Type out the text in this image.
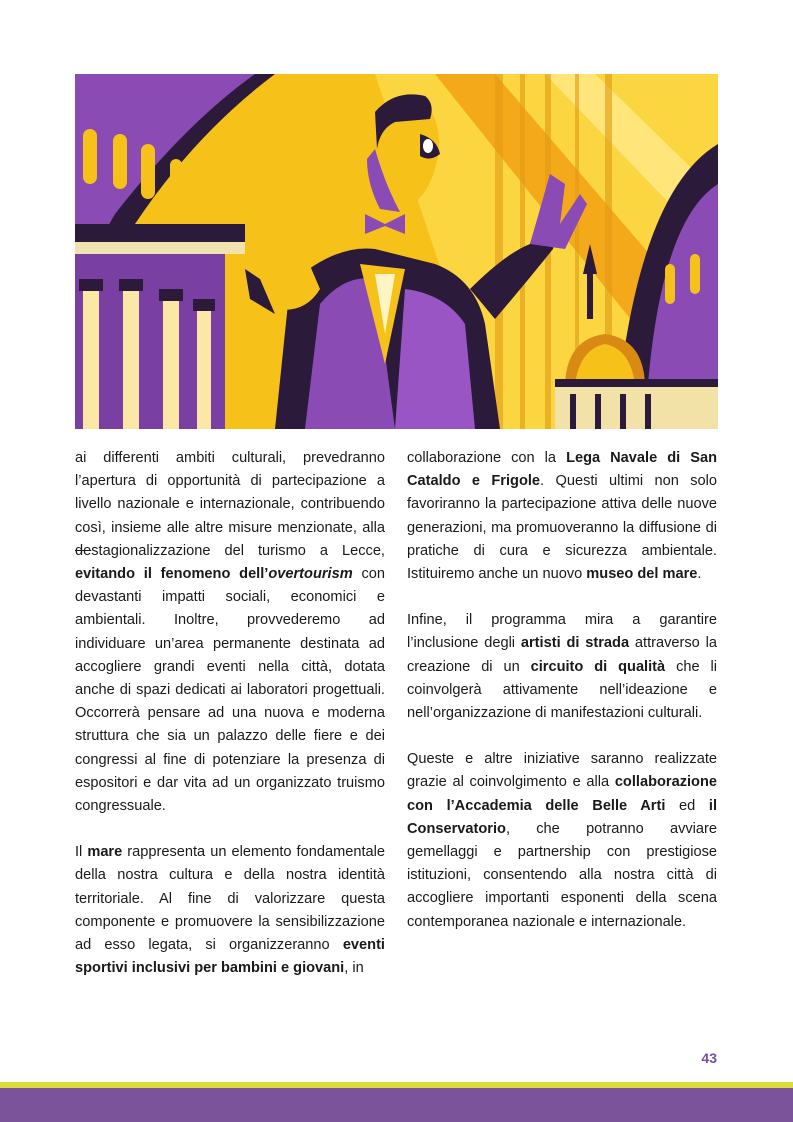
ai differenti ambiti culturali, prevedranno l’apertura di opportunità di partecipazione a livello nazionale e internazionale, contribuendo così, insieme alle altre misure menzionate, alla destagionalizzazione del turismo a Lecce, evitando il fenomeno dell’overtourism con devastanti impatti sociali, economici e ambientali. Inoltre, provvederemo ad individuare un’area permanente destinata ad accogliere grandi eventi nella città, dotata anche di spazi dedicati ai laboratori progettuali. Occorrerà pensare ad una nuova e moderna struttura che sia un palazzo delle fiere e dei congressi al fine di potenziare la presenza di espositori e dar vita ad un organizzato truismo congressuale.

Il mare rappresenta un elemento fondamentale della nostra cultura e della nostra identità territoriale. Al fine di valorizzare questa componente e promuovere la sensibilizzazione ad esso legata, si organizzeranno eventi sportivi inclusivi per bambini e giovani, in

collaborazione con la Lega Navale di San Cataldo e Frigole. Questi ultimi non solo favoriranno la partecipazione attiva delle nuove generazioni, ma promuoveranno la diffusione di pratiche di cura e sicurezza ambientale. Istituiremo anche un nuovo museo del mare.

Infine, il programma mira a garantire l’inclusione degli artisti di strada attraverso la creazione di un circuito di qualità che li coinvolgerà attivamente nell’ideazione e nell’organizzazione di manifestazioni culturali.

Queste e altre iniziative saranno realizzate grazie al coinvolgimento e alla collaborazione con l’Accademia delle Belle Arti ed il Conservatorio, che potranno avviare gemellaggi e partnership con prestigiose istituzioni, consentendo alla nostra città di accogliere importanti esponenti della scena contemporanea nazionale e internazionale.

43
